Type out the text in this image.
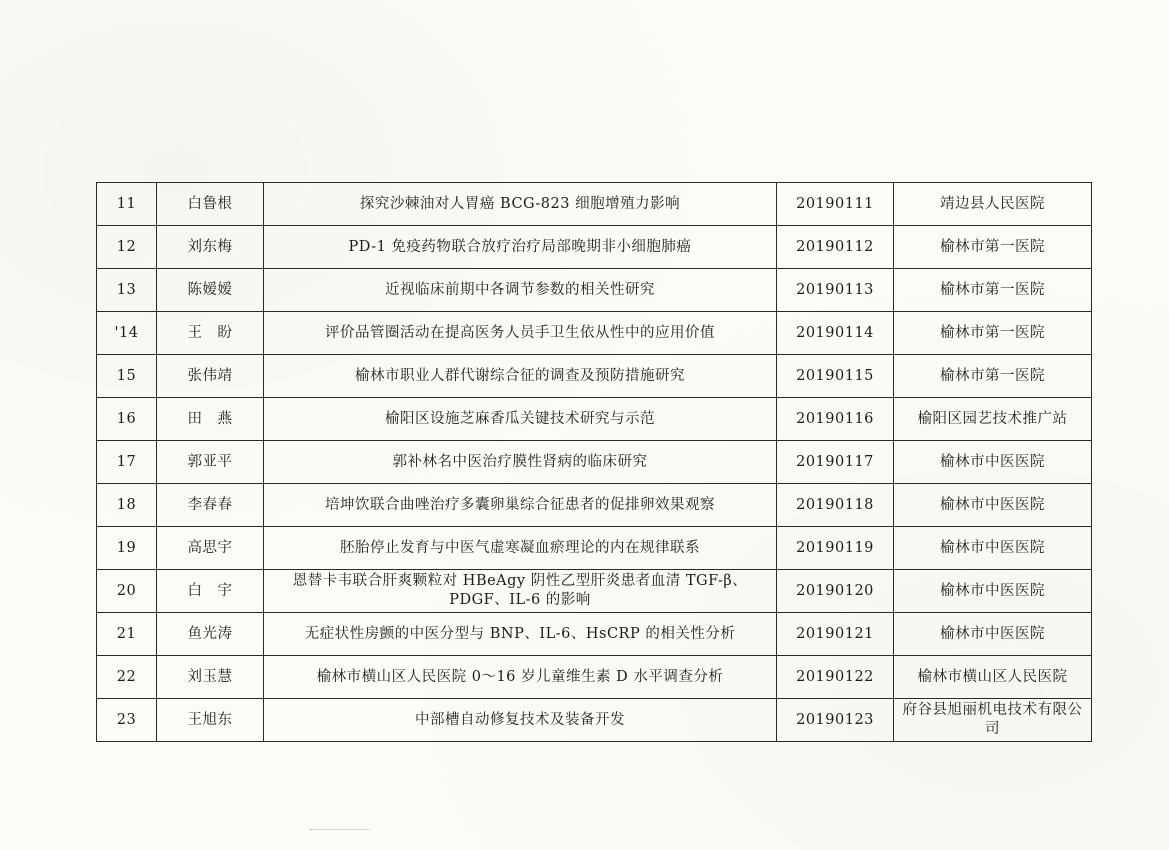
11	白鲁根	探究沙棘油对人胃癌 BCG-823 细胞增殖力影响	20190111	靖边县人民医院
12	刘东梅	PD-1 免疫药物联合放疗治疗局部晚期非小细胞肺癌	20190112	榆林市第一医院
13	陈嫒嫒	近视临床前期中各调节参数的相关性研究	20190113	榆林市第一医院
'14	王　盼	评价品管圈活动在提高医务人员手卫生依从性中的应用价值	20190114	榆林市第一医院
15	张伟靖	榆林市职业人群代谢综合征的调查及预防措施研究	20190115	榆林市第一医院
16	田　燕	榆阳区设施芝麻香瓜关键技术研究与示范	20190116	榆阳区园艺技术推广站
17	郭亚平	郭补林名中医治疗膜性肾病的临床研究	20190117	榆林市中医医院
18	李春春	培坤饮联合曲唑治疗多囊卵巢综合征患者的促排卵效果观察	20190118	榆林市中医医院
19	高思宇	胚胎停止发育与中医气虚寒凝血瘀理论的内在规律联系	20190119	榆林市中医医院
20	白　宇	恩替卡韦联合肝爽颗粒对 HBeAgy 阴性乙型肝炎患者血清 TGF-β、PDGF、IL-6 的影响	20190120	榆林市中医医院
21	鱼光涛	无症状性房颤的中医分型与 BNP、IL-6、HsCRP 的相关性分析	20190121	榆林市中医医院
22	刘玉慧	榆林市横山区人民医院 0～16 岁儿童维生素 D 水平调查分析	20190122	榆林市横山区人民医院
23	王旭东	中部槽自动修复技术及装备开发	20190123	府谷县旭丽机电技术有限公司
